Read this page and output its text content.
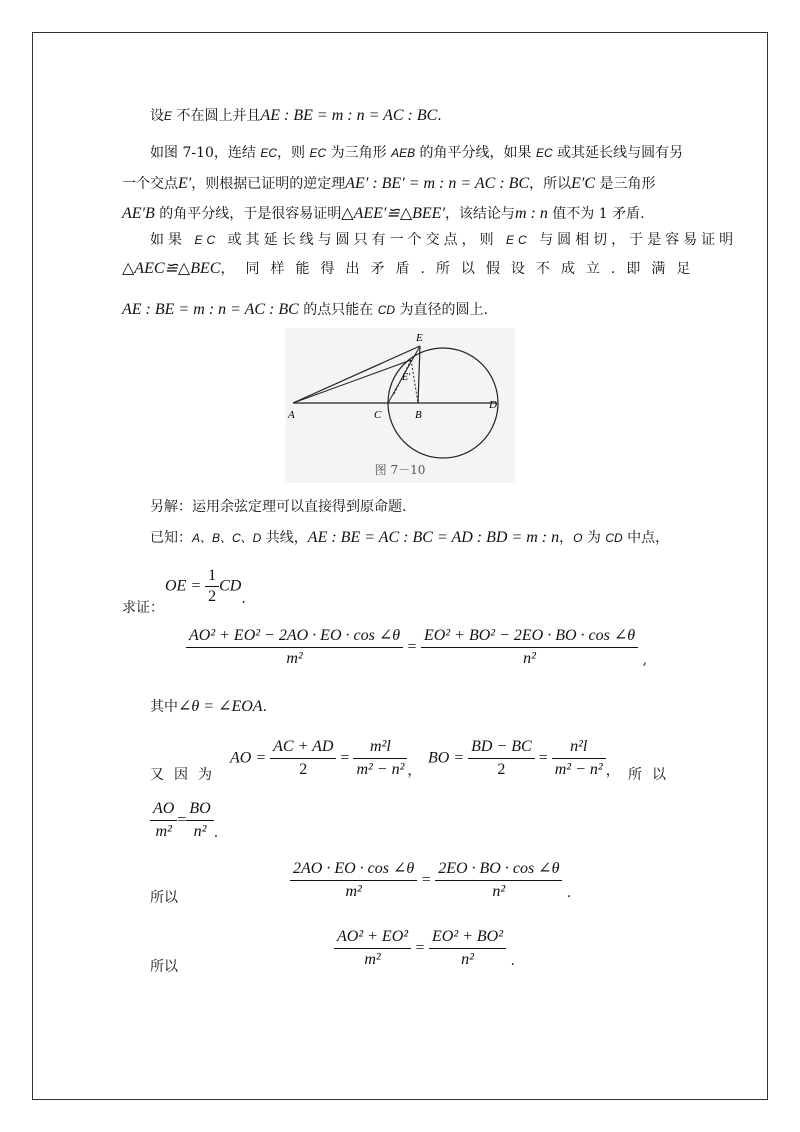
设E 不在圆上并且AE : BE = m : n = AC : BC.
如图 7-10，连结 EC，则 EC 为三角形 AEB 的角平分线，如果 EC 或其延长线与圆有另
一个交点E′，则根据已证明的逆定理AE′ : BE′ = m : n = AC : BC，所以E′C 是三角形
AE′B 的角平分线，于是很容易证明△AEE′≌△BEE′，该结论与m : n 值不为 1 矛盾.
如果 EC 或其延长线与圆只有一个交点，则 EC 与圆相切，于是容易证明
△AEC≌△BEC，同样能得出矛盾.所以假设不成立.即满足
AE : BE = m : n = AC : BC 的点只能在 CD 为直径的圆上.
A	C	B
D
E
E′
图 7－10
另解：运用余弦定理可以直接得到原命题.
已知：A、B、C、D 共线，AE : BE = AC : BC = AD : BD = m : n，O 为 CD 中点，
求证：
OE = $\frac{1}{2}$ CD.
$\frac{\text{AO² + EO² − 2AO · EO · cos ∠θ}}{\text{m²}} = \frac{\text{EO² + BO² − 2EO · BO · cos ∠θ}}{\text{n²}}$ ,
其中∠θ = ∠EOA.
又因为
AO = $\frac{AC + AD}{2} = \frac{\text{m²l}}{\text{m² − n²}}$ ，
BO = $\frac{BD - BC}{2} = \frac{\text{n²l}}{\text{m² − n²}}$ ， 所以
$\frac{AO}{\text{m²}} = \frac{BO}{\text{n²}}$ .
所以	$\frac{2AO \cdot EO \cdot \cos \angle\theta}{\text{m²}} = \frac{2EO \cdot BO \cdot \cos \angle\theta}{\text{n²}}$ .
所以	$\frac{\text{AO² + EO²}}{\text{m²}} = \frac{\text{EO² + BO²}}{\text{n²}}$ .
